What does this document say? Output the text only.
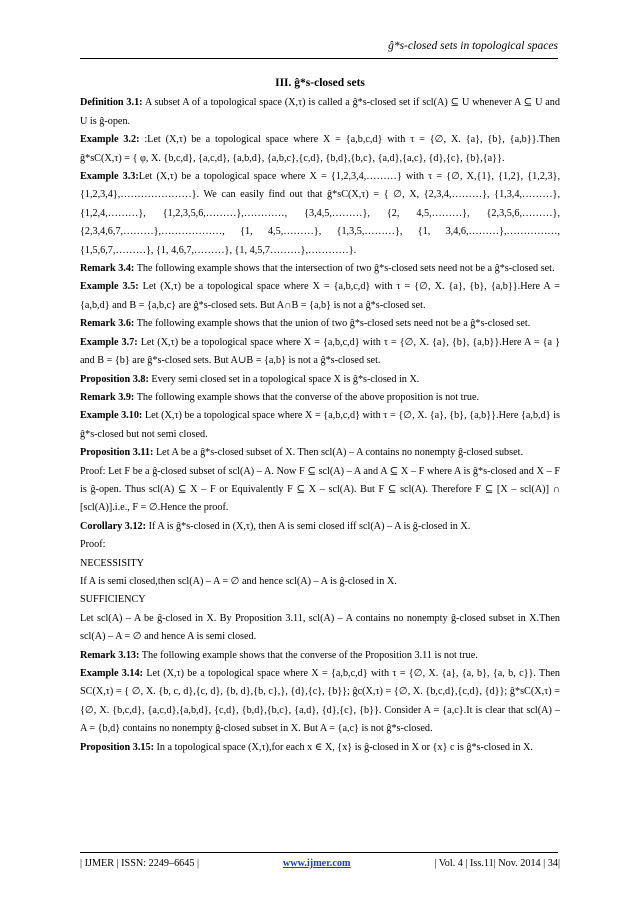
ĝ*s-closed sets in topological spaces
III. ĝ*s-closed sets

Definition 3.1: A subset A of a topological space (X,τ) is called a ĝ*s-closed set if scl(A) ⊆ U whenever A ⊆ U and U is ĝ-open.

Example 3.2: :Let (X,τ) be a topological space where X = {a,b,c,d} with τ = {∅, X. {a}, {b}, {a,b}}.Then ĝ*sC(X,τ) = { φ, X. {b,c,d}, {a,c,d}, {a,b,d}, {a,b,c},{c,d}, {b,d},{b,c}, {a,d},{a,c}, {d},{c}, {b},{a}}.

Example 3.3:Let (X,τ) be a topological space where X = {1,2,3,4,………} with τ = {∅, X,{1}, {1,2}, {1,2,3}, {1,2,3,4},…………………}. We can easily find out that ĝ*sC(X,τ) = { ∅, X, {2,3,4,………}, {1,3,4,………}, {1,2,4,………}, {1,2,3,5,6,………},…………, {3,4,5,………}, {2, 4,5,………}, {2,3,5,6,………}, {2,3,4,6,7,………},………………, {1, 4,5,………}, {1,3,5,………}, {1, 3,4,6,………},……………, {1,5,6,7,………}, {1, 4,6,7,………}, {1, 4,5,7………},…………}.

Remark 3.4: The following example shows that the intersection of two ĝ*s-closed sets need not be a ĝ*s-closed set.

Example 3.5: Let (X,τ) be a topological space where X = {a,b,c,d} with τ = {∅, X. {a}, {b}, {a,b}}.Here A = {a,b,d} and B = {a,b,c} are ĝ*s-closed sets. But A∩B = {a,b} is not a ĝ*s-closed set.

Remark 3.6: The following example shows that the union of two ĝ*s-closed sets need not be a ĝ*s-closed set.

Example 3.7: Let (X,τ) be a topological space where X = {a,b,c,d} with τ = {∅, X. {a}, {b}, {a,b}}.Here A = {a } and B = {b} are ĝ*s-closed sets. But A∪B = {a,b} is not a ĝ*s-closed set.

Proposition 3.8: Every semi closed set in a topological space X is ĝ*s-closed in X.

Remark 3.9: The following example shows that the converse of the above proposition is not true.

Example 3.10: Let (X,τ) be a topological space where X = {a,b,c,d} with τ = {∅, X. {a}, {b}, {a,b}}.Here {a,b,d} is ĝ*s-closed but not semi closed.

Proposition 3.11: Let A be a ĝ*s-closed subset of X. Then scl(A) – A contains no nonempty ĝ-closed subset.

Proof: Let F be a ĝ-closed subset of scl(A) – A. Now F ⊆ scl(A) – A and A ⊆ X – F where A is ĝ*s-closed and X – F is ĝ-open. Thus scl(A) ⊆ X – F or Equivalently F ⊆ X – scl(A). But F ⊆ scl(A). Therefore F ⊆ [X – scl(A)] ∩ [scl(A)].i.e., F = ∅.Hence the proof.

Corollary 3.12: If A is ĝ*s-closed in (X,τ), then A is semi closed iff scl(A) – A is ĝ-closed in X.

Proof:

NECESSISITY

If A is semi closed,then scl(A) – A = ∅ and hence scl(A) – A is ĝ-closed in X.

SUFFICIENCY

Let scl(A) – A be ĝ-closed in X. By Proposition 3.11, scl(A) – A contains no nonempty ĝ-closed subset in X.Then scl(A) – A = ∅ and hence A is semi closed.

Remark 3.13: The following example shows that the converse of the Proposition 3.11 is not true.

Example 3.14: Let (X,τ) be a topological space where X = {a,b,c,d} with τ = {∅, X. {a}, {a, b}, {a, b, c}}. Then SC(X,τ) = { ∅, X. {b, c, d},{c, d}, {b, d},{b, c},}, {d},{c}, {b}}; ĝc(X,τ) = {∅, X. {b,c,d},{c,d}, {d}}; ĝ*sC(X,τ) = {∅, X. {b,c,d}, {a,c,d},{a,b,d}, {c,d}, {b,d},{b,c}, {a,d}, {d},{c}, {b}}. Consider A = {a,c}.It is clear that scl(A) – A = {b,d} contains no nonempty ĝ-closed subset in X. But A = {a,c} is not ĝ*s-closed.

Proposition 3.15: In a topological space (X,τ),for each x ∈ X, {x} is ĝ-closed in X or {x} c is ĝ*s-closed in X.

| IJMER | ISSN: 2249–6645 |	www.ijmer.com	| Vol. 4 | Iss.11| Nov. 2014 | 34|
